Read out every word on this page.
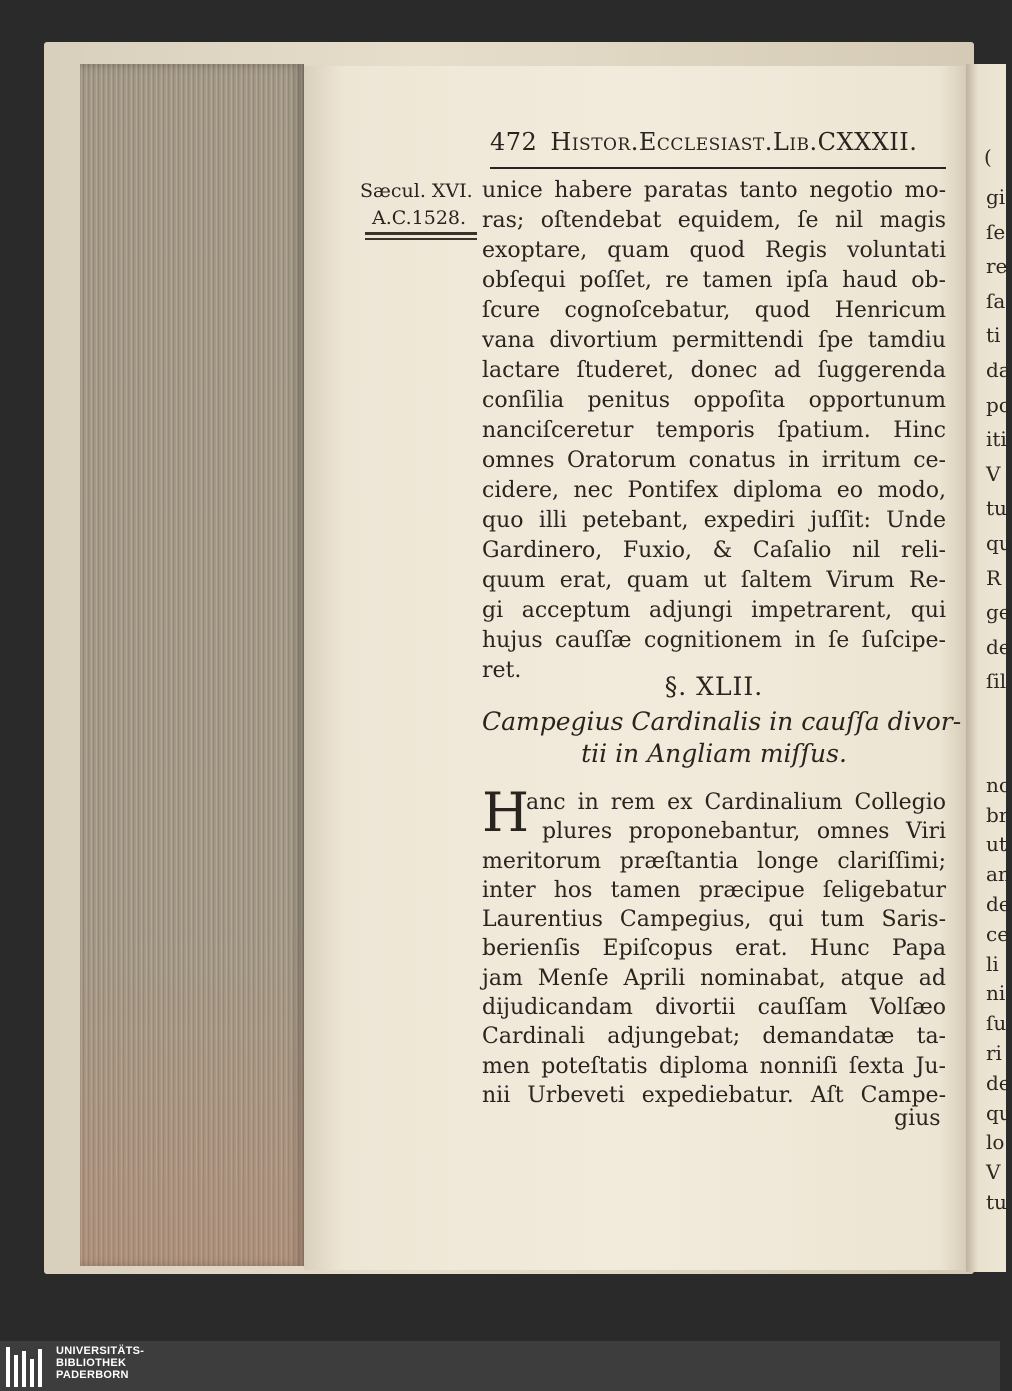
(
gi
ſe
re
ſa
ti
da
pc
iti
V
tu
qu
R
ge
de
ſil
nc
br
ut
an
de
ce
li
ni
ſu
ri
de
qu
lo
V
tu
472 Histor.Ecclesiast.Lib.CXXXII.
Sæcul. XVI.
A.C.1528.
unice habere paratas tanto negotio mo-
ras; oſtendebat equidem, ſe nil magis
exoptare, quam quod Regis voluntati
obſequi poſſet, re tamen ipſa haud ob-
ſcure cognoſcebatur, quod Henricum
vana divortium permittendi ſpe tamdiu
lactare ſtuderet, donec ad ſuggerenda
conſilia penitus oppoſita opportunum
nanciſceretur temporis ſpatium. Hinc
omnes Oratorum conatus in irritum ce-
cidere, nec Pontifex diploma eo modo,
quo illi petebant, expediri juſſit: Unde
Gardinero, Fuxio, & Caſalio nil reli-
quum erat, quam ut ſaltem Virum Re-
gi acceptum adjungi impetrarent, qui
hujus cauſſæ cognitionem in ſe ſuſcipe-
ret.
§. XLII.
Campegius Cardinalis in cauſſa divor-
tii in Angliam miſſus.
H
anc in rem ex Cardinalium Collegio
plures proponebantur, omnes Viri
meritorum præſtantia longe clariſſimi;
inter hos tamen præcipue ſeligebatur
Laurentius Campegius, qui tum Saris-
berienſis Epiſcopus erat. Hunc Papa
jam Menſe Aprili nominabat, atque ad
dijudicandam divortii cauſſam Volſæo
Cardinali adjungebat; demandatæ ta-
men poteſtatis diploma nonniſi ſexta Ju-
nii Urbeveti expediebatur. Aſt Campe-
gius
UNIVERSITÄTS-
BIBLIOTHEK
PADERBORN
